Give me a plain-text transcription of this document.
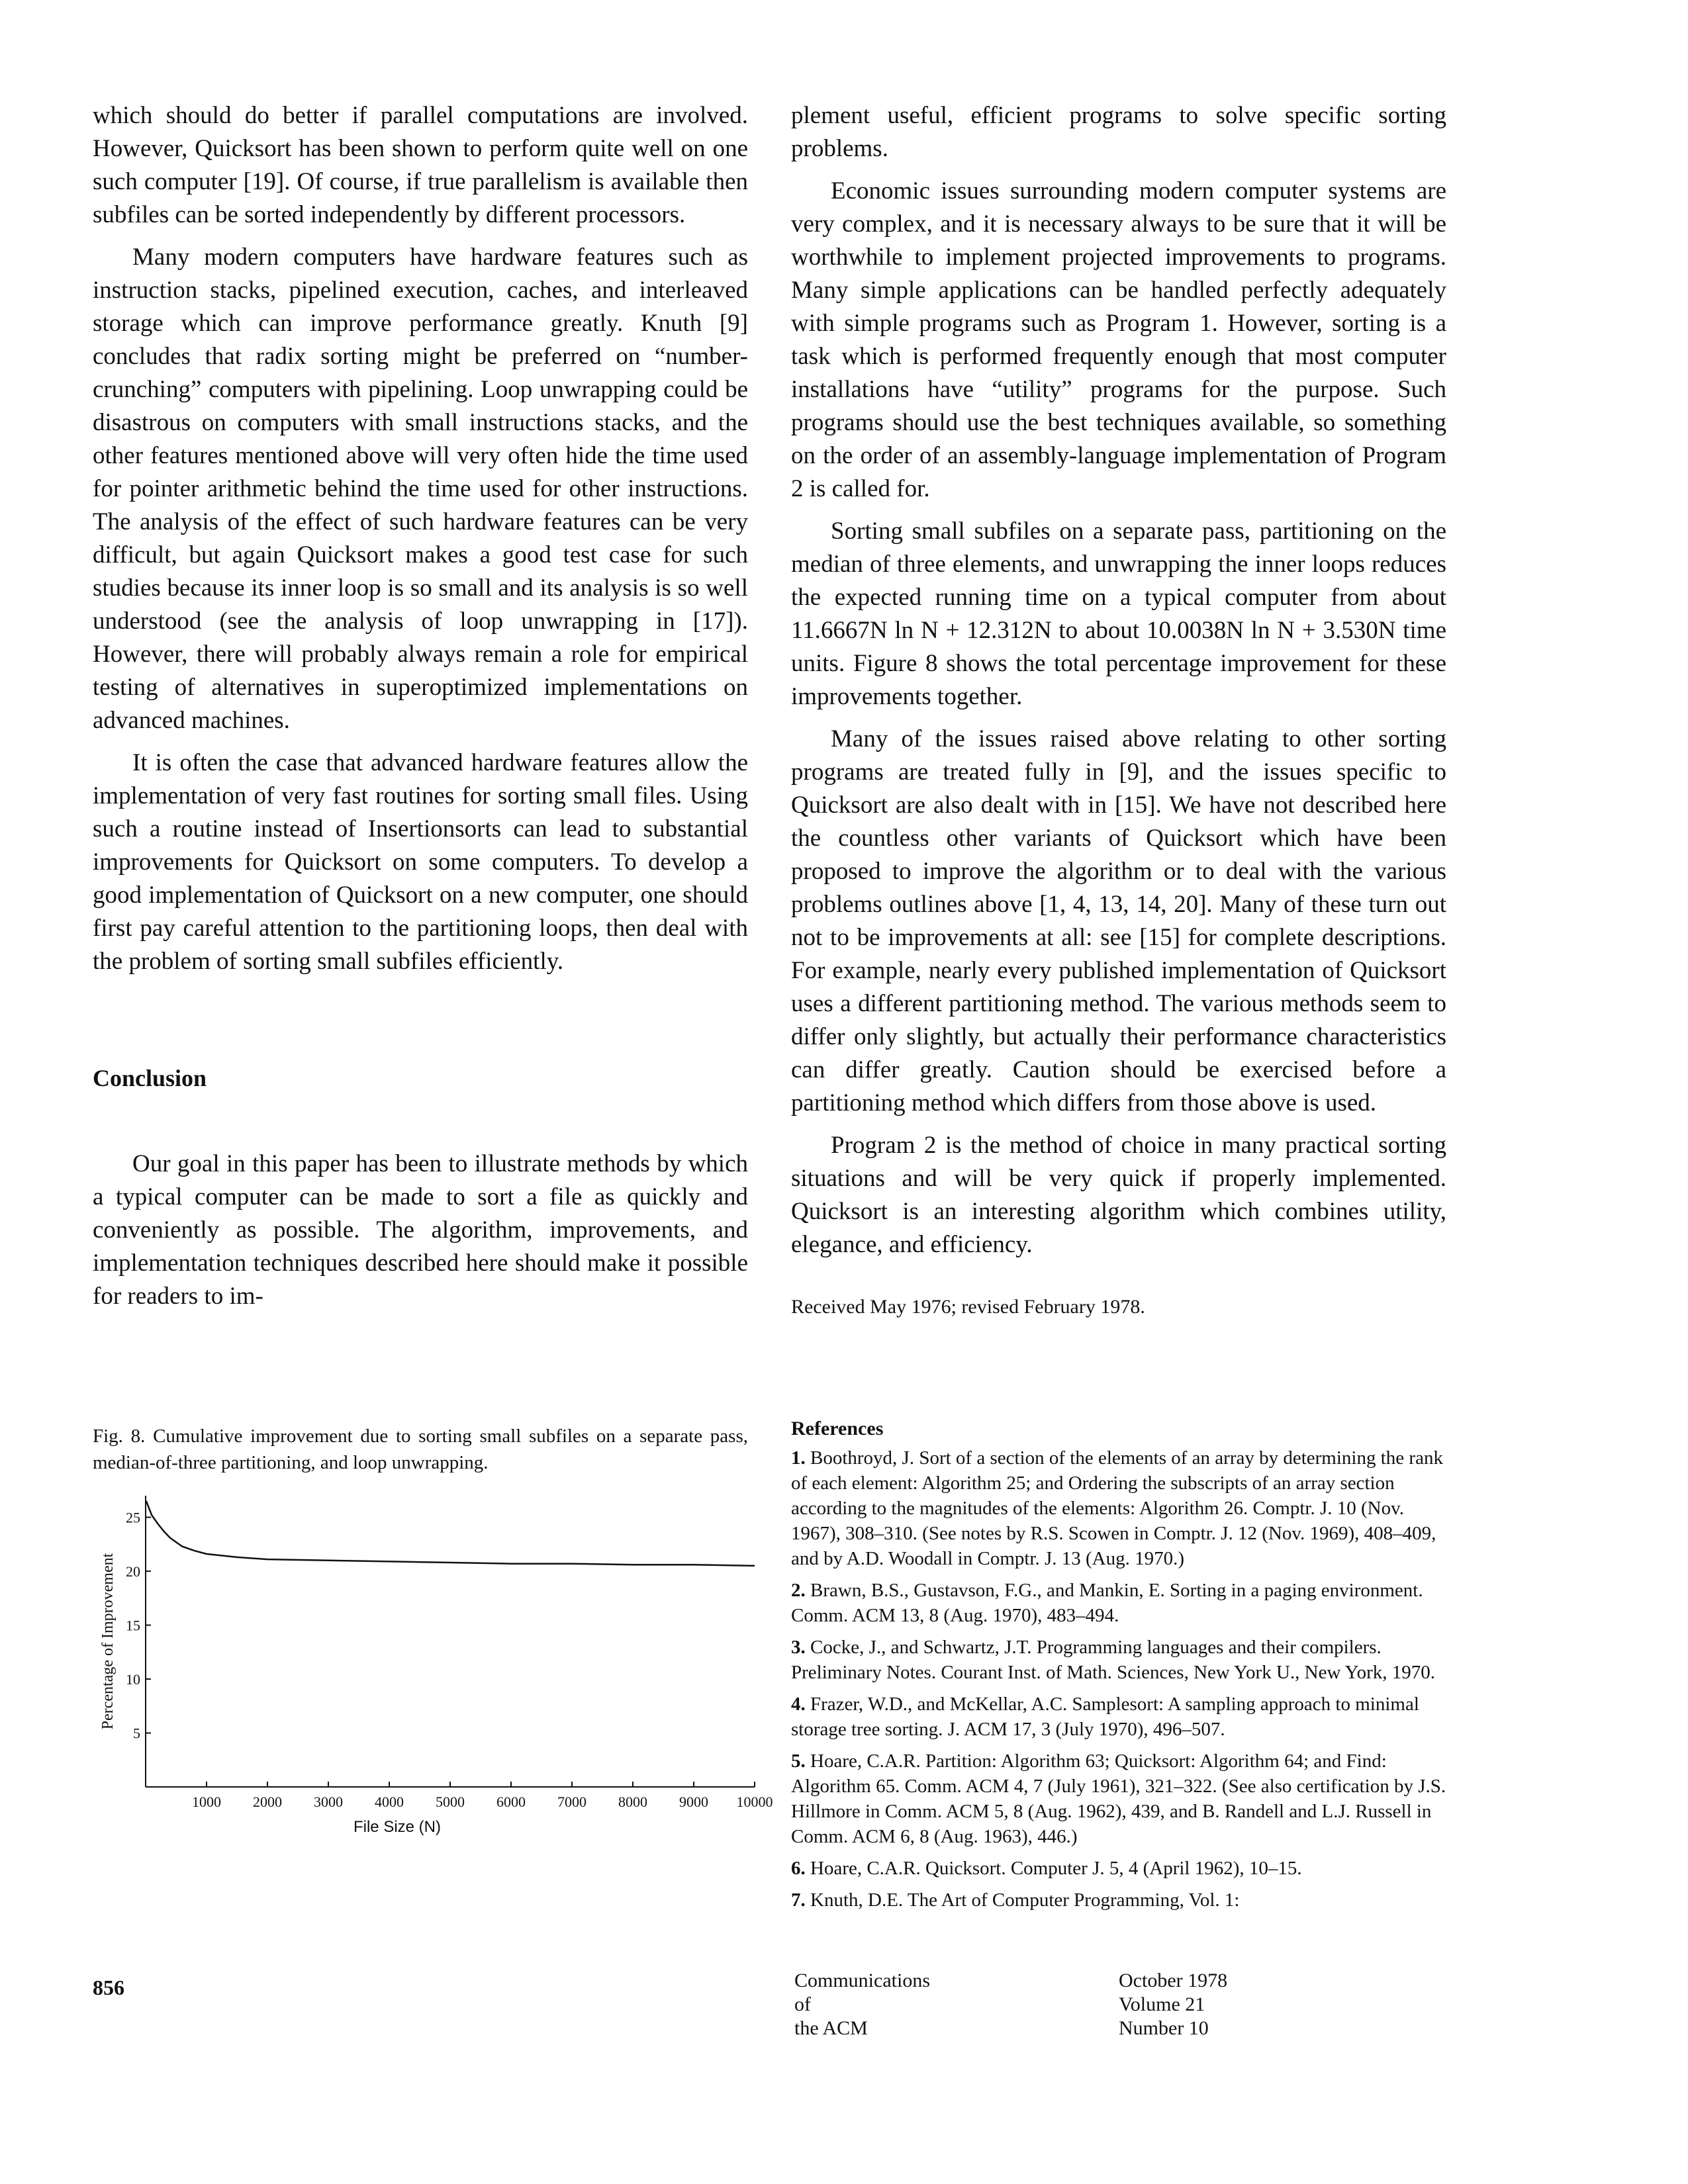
which should do better if parallel computations are involved. However, Quicksort has been shown to perform quite well on one such computer [19]. Of course, if true parallelism is available then subfiles can be sorted independently by different processors.

Many modern computers have hardware features such as instruction stacks, pipelined execution, caches, and interleaved storage which can improve performance greatly. Knuth [9] concludes that radix sorting might be preferred on “number-crunching” computers with pipelining. Loop unwrapping could be disastrous on computers with small instructions stacks, and the other features mentioned above will very often hide the time used for pointer arithmetic behind the time used for other instructions. The analysis of the effect of such hardware features can be very difficult, but again Quicksort makes a good test case for such studies because its inner loop is so small and its analysis is so well understood (see the analysis of loop unwrapping in [17]). However, there will probably always remain a role for empirical testing of alternatives in superoptimized implementations on advanced machines.

It is often the case that advanced hardware features allow the implementation of very fast routines for sorting small files. Using such a routine instead of Insertionsorts can lead to substantial improvements for Quicksort on some computers. To develop a good implementation of Quicksort on a new computer, one should first pay careful attention to the partitioning loops, then deal with the problem of sorting small subfiles efficiently.

Conclusion

Our goal in this paper has been to illustrate methods by which a typical computer can be made to sort a file as quickly and conveniently as possible. The algorithm, improvements, and implementation techniques described here should make it possible for readers to im-

plement useful, efficient programs to solve specific sorting problems.

Economic issues surrounding modern computer systems are very complex, and it is necessary always to be sure that it will be worthwhile to implement projected improvements to programs. Many simple applications can be handled perfectly adequately with simple programs such as Program 1. However, sorting is a task which is performed frequently enough that most computer installations have “utility” programs for the purpose. Such programs should use the best techniques available, so something on the order of an assembly-language implementation of Program 2 is called for.

Sorting small subfiles on a separate pass, partitioning on the median of three elements, and unwrapping the inner loops reduces the expected running time on a typical computer from about 11.6667N ln N + 12.312N to about 10.0038N ln N + 3.530N time units. Figure 8 shows the total percentage improvement for these improvements together.

Many of the issues raised above relating to other sorting programs are treated fully in [9], and the issues specific to Quicksort are also dealt with in [15]. We have not described here the countless other variants of Quicksort which have been proposed to improve the algorithm or to deal with the various problems outlines above [1, 4, 13, 14, 20]. Many of these turn out not to be improvements at all: see [15] for complete descriptions. For example, nearly every published implementation of Quicksort uses a different partitioning method. The various methods seem to differ only slightly, but actually their performance characteristics can differ greatly. Caution should be exercised before a partitioning method which differs from those above is used.

Program 2 is the method of choice in many practical sorting situations and will be very quick if properly implemented. Quicksort is an interesting algorithm which combines utility, elegance, and efficiency.

Received May 1976; revised February 1978.
Fig. 8. Cumulative improvement due to sorting small subfiles on a separate pass, median-of-three partitioning, and loop unwrapping.
5
10
15
20
25
1000 2000 3000 4000 5000 6000 7000 8000 9000 10000
Percentage of Improvement
File Size (N)
References
1. Boothroyd, J. Sort of a section of the elements of an array by determining the rank of each element: Algorithm 25; and Ordering the subscripts of an array section according to the magnitudes of the elements: Algorithm 26. Comptr. J. 10 (Nov. 1967), 308–310. (See notes by R.S. Scowen in Comptr. J. 12 (Nov. 1969), 408–409, and by A.D. Woodall in Comptr. J. 13 (Aug. 1970.)
2. Brawn, B.S., Gustavson, F.G., and Mankin, E. Sorting in a paging environment. Comm. ACM 13, 8 (Aug. 1970), 483–494.
3. Cocke, J., and Schwartz, J.T. Programming languages and their compilers. Preliminary Notes. Courant Inst. of Math. Sciences, New York U., New York, 1970.
4. Frazer, W.D., and McKellar, A.C. Samplesort: A sampling approach to minimal storage tree sorting. J. ACM 17, 3 (July 1970), 496–507.
5. Hoare, C.A.R. Partition: Algorithm 63; Quicksort: Algorithm 64; and Find: Algorithm 65. Comm. ACM 4, 7 (July 1961), 321–322. (See also certification by J.S. Hillmore in Comm. ACM 5, 8 (Aug. 1962), 439, and B. Randell and L.J. Russell in Comm. ACM 6, 8 (Aug. 1963), 446.)
6. Hoare, C.A.R. Quicksort. Computer J. 5, 4 (April 1962), 10–15.
7. Knuth, D.E. The Art of Computer Programming, Vol. 1:
856	Communications
of
the ACM
October 1978
Volume 21
Number 10
